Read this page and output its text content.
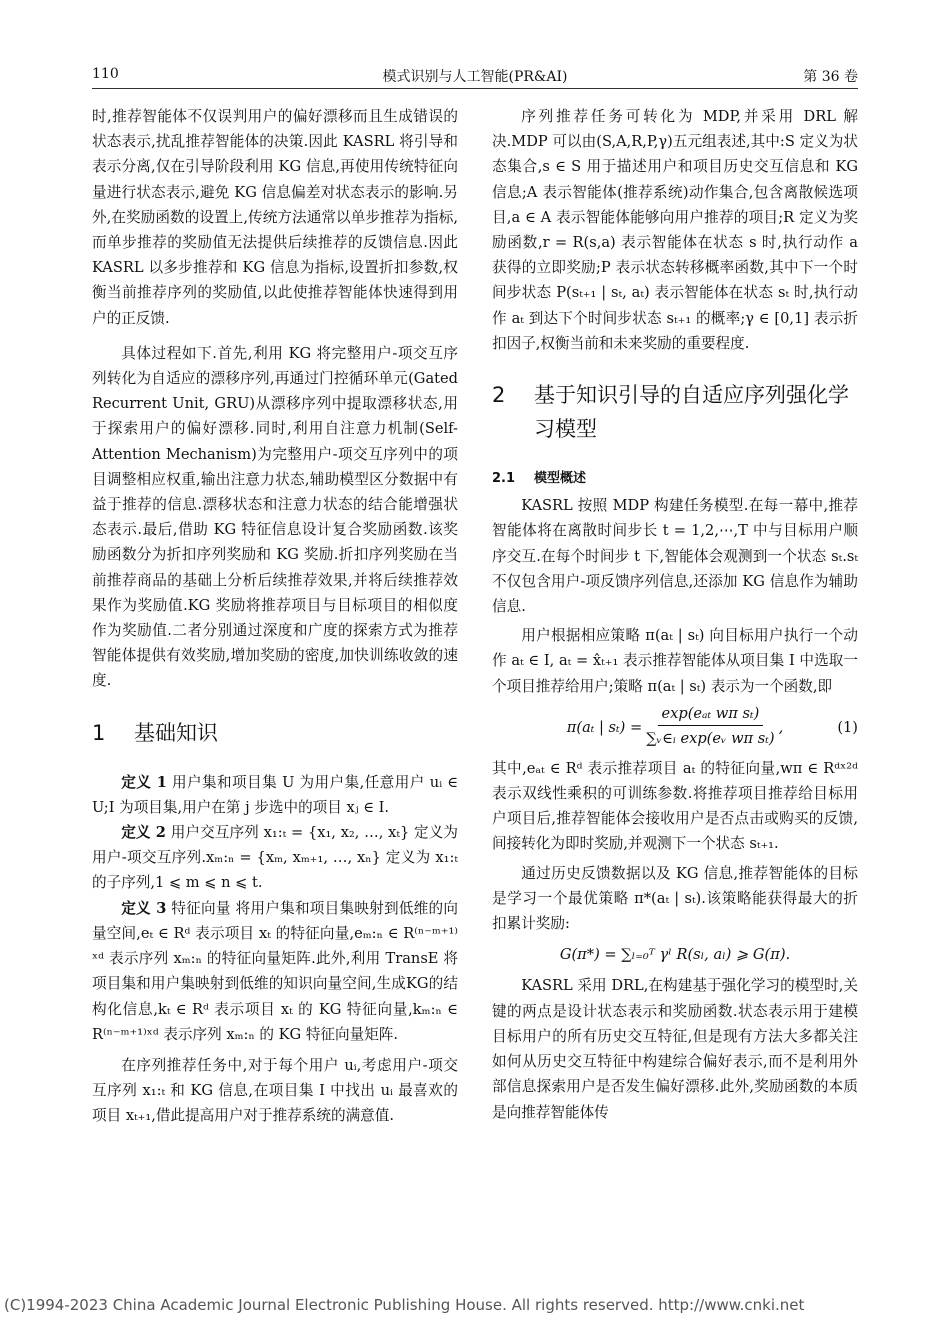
110	模式识别与人工智能(PR&AI)	第 36 卷

时,推荐智能体不仅误判用户的偏好漂移而且生成错误的状态表示,扰乱推荐智能体的决策.因此 KASRL 将引导和表示分离,仅在引导阶段利用 KG 信息,再使用传统特征向量进行状态表示,避免 KG 信息偏差对状态表示的影响.另外,在奖励函数的设置上,传统方法通常以单步推荐为指标,而单步推荐的奖励值无法提供后续推荐的反馈信息.因此 KASRL 以多步推荐和 KG 信息为指标,设置折扣参数,权衡当前推荐序列的奖励值,以此使推荐智能体快速得到用户的正反馈.

具体过程如下.首先,利用 KG 将完整用户-项交互序列转化为自适应的漂移序列,再通过门控循环单元(Gated Recurrent Unit, GRU)从漂移序列中提取漂移状态,用于探索用户的偏好漂移.同时,利用自注意力机制(Self-Attention Mechanism)为完整用户-项交互序列中的项目调整相应权重,输出注意力状态,辅助模型区分数据中有益于推荐的信息.漂移状态和注意力状态的结合能增强状态表示.最后,借助 KG 特征信息设计复合奖励函数.该奖励函数分为折扣序列奖励和 KG 奖励.折扣序列奖励在当前推荐商品的基础上分析后续推荐效果,并将后续推荐效果作为奖励值.KG 奖励将推荐项目与目标项目的相似度作为奖励值.二者分别通过深度和广度的探索方式为推荐智能体提供有效奖励,增加奖励的密度,加快训练收敛的速度.

1 基础知识

定义 1 用户集和项目集 U 为用户集,任意用户 uᵢ ∈ U;I 为项目集,用户在第 j 步选中的项目 xⱼ ∈ I.

定义 2 用户交互序列 x₁:ₜ = {x₁, x₂, …, xₜ} 定义为用户-项交互序列.xₘ:ₙ = {xₘ, xₘ₊₁, …, xₙ} 定义为 x₁:ₜ 的子序列,1 ⩽ m ⩽ n ⩽ t.

定义 3 特征向量 将用户集和项目集映射到低维的向量空间,eₜ ∈ Rᵈ 表示项目 xₜ 的特征向量,eₘ:ₙ ∈ R⁽ⁿ⁻ᵐ⁺¹⁾ˣᵈ 表示序列 xₘ:ₙ 的特征向量矩阵.此外,利用 TransE 将项目集和用户集映射到低维的知识向量空间,生成KG的结构化信息,kₜ ∈ Rᵈ 表示项目 xₜ 的 KG 特征向量,kₘ:ₙ ∈ R⁽ⁿ⁻ᵐ⁺¹⁾ˣᵈ 表示序列 xₘ:ₙ 的 KG 特征向量矩阵.

在序列推荐任务中,对于每个用户 uᵢ,考虑用户-项交互序列 x₁:ₜ 和 KG 信息,在项目集 I 中找出 uᵢ 最喜欢的项目 xₜ₊₁,借此提高用户对于推荐系统的满意值.

序列推荐任务可转化为 MDP,并采用 DRL 解决.MDP 可以由(S,A,R,P,γ)五元组表述,其中:S 定义为状态集合,s ∈ S 用于描述用户和项目历史交互信息和 KG 信息;A 表示智能体(推荐系统)动作集合,包含离散候选项目,a ∈ A 表示智能体能够向用户推荐的项目;R 定义为奖励函数,r = R(s,a) 表示智能体在状态 s 时,执行动作 a 获得的立即奖励;P 表示状态转移概率函数,其中下一个时间步状态 P(sₜ₊₁ | sₜ, aₜ) 表示智能体在状态 sₜ 时,执行动作 aₜ 到达下个时间步状态 sₜ₊₁ 的概率;γ ∈ [0,1] 表示折扣因子,权衡当前和未来奖励的重要程度.

2	基于知识引导的自适应序列强化学习模型
2.1 模型概述

KASRL 按照 MDP 构建任务模型.在每一幕中,推荐智能体将在离散时间步长 t = 1,2,⋯,T 中与目标用户顺序交互.在每个时间步 t 下,智能体会观测到一个状态 sₜ.sₜ 不仅包含用户-项反馈序列信息,还添加 KG 信息作为辅助信息.

用户根据相应策略 π(aₜ | sₜ) 向目标用户执行一个动作 aₜ ∈ I, aₜ = x̂ₜ₊₁ 表示推荐智能体从项目集 I 中选取一个项目推荐给用户;策略 π(aₜ | sₜ) 表示为一个函数,即

π(aₜ | $s_t) = \frac{\text{exp(eₐₜ wπ sₜ)}}{\text{∑ᵥ∈ᵢ exp(eᵥ wπ sₜ)}}$ ,	(1)

其中,eₐₜ ∈ Rᵈ 表示推荐项目 aₜ 的特征向量,wπ ∈ Rᵈˣ²ᵈ 表示双线性乘积的可训练参数.将推荐项目推荐给目标用户项目后,推荐智能体会接收用户是否点击或购买的反馈,间接转化为即时奖励,并观测下一个状态 sₜ₊₁.

通过历史反馈数据以及 KG 信息,推荐智能体的目标是学习一个最优策略 π*(aₜ | sₜ).该策略能获得最大的折扣累计奖励:

G(π*) = ∑ₗ₌₀ᵀ γˡ R(sₗ, aₗ) ⩾ G(π).

KASRL 采用 DRL,在构建基于强化学习的模型时,关键的两点是设计状态表示和奖励函数.状态表示用于建模目标用户的所有历史交互特征,但是现有方法大多都关注如何从历史交互特征中构建综合偏好表示,而不是利用外部信息探索用户是否发生偏好漂移.此外,奖励函数的本质是向推荐智能体传

(C)1994-2023 China Academic Journal Electronic Publishing House. All rights reserved. http://www.cnki.net
